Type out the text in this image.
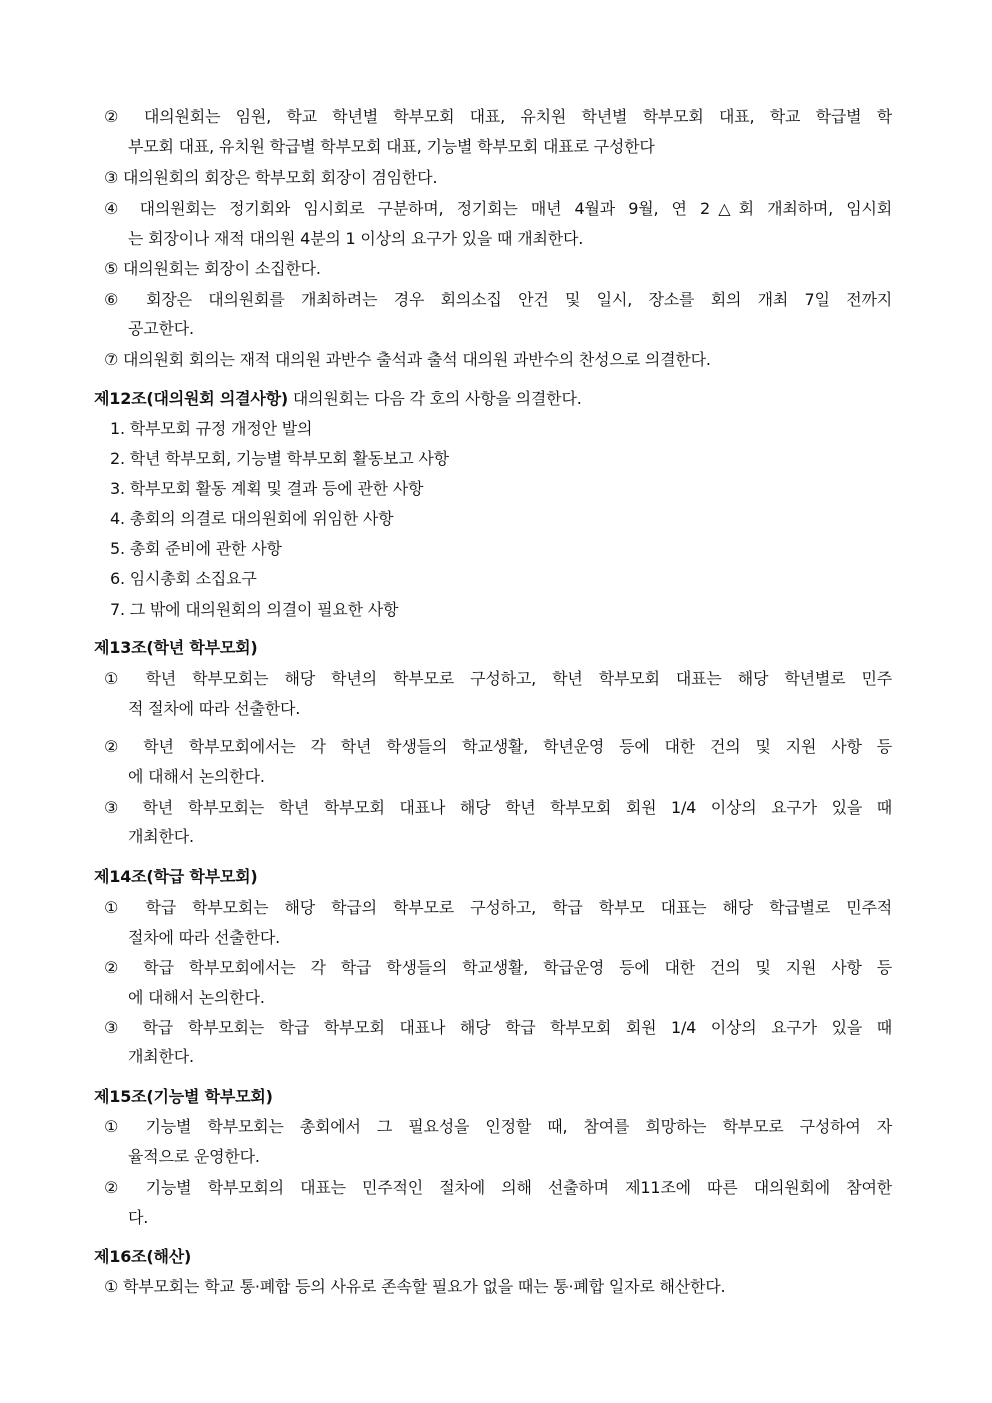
② 대의원회는 임원, 학교 학년별 학부모회 대표, 유치원 학년별 학부모회 대표, 학교 학급별 학
부모회 대표, 유치원 학급별 학부모회 대표, 기능별 학부모회 대표로 구성한다
③ 대의원회의 회장은 학부모회 회장이 겸임한다.
④ 대의원회는 정기회와 임시회로 구분하며, 정기회는 매년 4월과 9월, 연 2△회 개최하며, 임시회
는 회장이나 재적 대의원 4분의 1 이상의 요구가 있을 때 개최한다.
⑤ 대의원회는 회장이 소집한다.
⑥ 회장은 대의원회를 개최하려는 경우 회의소집 안건 및 일시, 장소를 회의 개최 7일 전까지
공고한다.
⑦ 대의원회 회의는 재적 대의원 과반수 출석과 출석 대의원 과반수의 찬성으로 의결한다.
제12조(대의원회 의결사항) 대의원회는 다음 각 호의 사항을 의결한다.
1. 학부모회 규정 개정안 발의
2. 학년 학부모회, 기능별 학부모회 활동보고 사항
3. 학부모회 활동 계획 및 결과 등에 관한 사항
4. 총회의 의결로 대의원회에 위임한 사항
5. 총회 준비에 관한 사항
6. 임시총회 소집요구
7. 그 밖에 대의원회의 의결이 필요한 사항
제13조(학년 학부모회)
① 학년 학부모회는 해당 학년의 학부모로 구성하고, 학년 학부모회 대표는 해당 학년별로 민주
적 절차에 따라 선출한다.
② 학년 학부모회에서는 각 학년 학생들의 학교생활, 학년운영 등에 대한 건의 및 지원 사항 등
에 대해서 논의한다.
③ 학년 학부모회는 학년 학부모회 대표나 해당 학년 학부모회 회원 1/4 이상의 요구가 있을 때
개최한다.
제14조(학급 학부모회)
① 학급 학부모회는 해당 학급의 학부모로 구성하고, 학급 학부모 대표는 해당 학급별로 민주적
절차에 따라 선출한다.
② 학급 학부모회에서는 각 학급 학생들의 학교생활, 학급운영 등에 대한 건의 및 지원 사항 등
에 대해서 논의한다.
③ 학급 학부모회는 학급 학부모회 대표나 해당 학급 학부모회 회원 1/4 이상의 요구가 있을 때
개최한다.
제15조(기능별 학부모회)
① 기능별 학부모회는 총회에서 그 필요성을 인정할 때, 참여를 희망하는 학부모로 구성하여 자
율적으로 운영한다.
② 기능별 학부모회의 대표는 민주적인 절차에 의해 선출하며 제11조에 따른 대의원회에 참여한
다.
제16조(해산)
① 학부모회는 학교 통·폐합 등의 사유로 존속할 필요가 없을 때는 통·폐합 일자로 해산한다.
